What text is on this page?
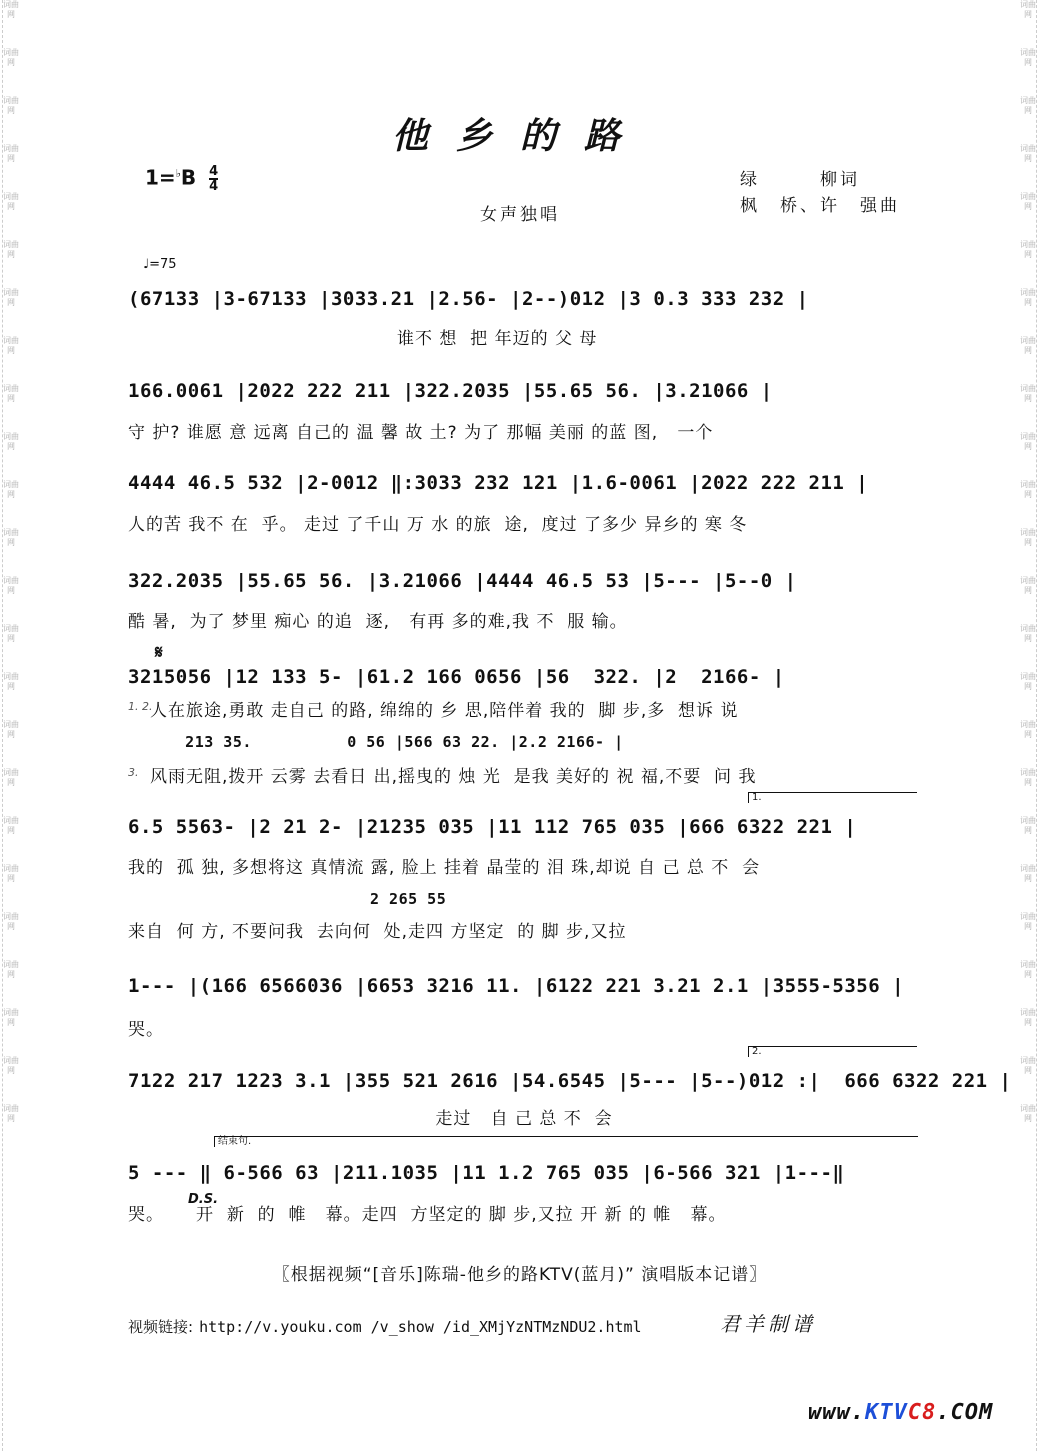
词曲网
词曲网
词曲网
词曲网
词曲网
词曲网
词曲网
词曲网
词曲网
词曲网
词曲网
词曲网
词曲网
词曲网
词曲网
词曲网
词曲网
词曲网
词曲网
词曲网
词曲网
词曲网
词曲网
词曲网
词曲网
词曲网
词曲网
词曲网
词曲网
词曲网
词曲网
词曲网
词曲网
词曲网
词曲网
词曲网
词曲网
词曲网
词曲网
词曲网
词曲网
词曲网
词曲网
词曲网
词曲网
词曲网
词曲网
词曲网
他乡的路
$1=^♭B \frac{4}{4}$
女声独唱
绿　　　柳词
枫　桥、许　强曲
♩=75
(67133 |3-67133 |3033.21 |2.56- |2--)012 |3 0.3 333 232 |
谁不 想  把 年迈的 父 母
166.0061 |2022 222 211 |322.2035 |55.65 56. |3.21066 |
守 护? 谁愿 意 远离 自己的 温 馨 故 土? 为了 那幅 美丽 的蓝 图,   一个
4444 46.5 532 |2-0012 ‖:3033 232 121 |1.6-0061 |2022 222 211 |
人的苦 我不 在  乎。 走过 了千山 万 水 的旅  途,  度过 了多少 异乡的 寒 冬
322.2035 |55.65 56. |3.21066 |4444 46.5 53 |5--- |5--0 |
酷 暑,  为了 梦里 痴心 的追  逐,   有再 多的难,我 不  服 输。
𝄋
3215056 |12 133 5- |61.2 166 0656 |56  322. |2  2166- |
1. 2.
人在旅途,勇敢 走自己 的路, 绵绵的 乡 思,陪伴着 我的  脚 步,多  想诉 说
213 35.          0 56 |566 63 22. |2.2 2166- |
3. 风雨无阻,拨开 云雾 去看日 出,摇曳的 烛 光  是我 美好的 祝 福,不要  问 我
1.
6.5 5563- |2 21 2- |21235 035 |11 112 765 035 |666 6322 221 |
我的  孤 独, 多想将这 真情流 露, 脸上 挂着 晶莹的 泪 珠,却说 自 己 总 不  会
2 265 55
来自  何 方, 不要问我  去向何  处,走四 方坚定  的 脚 步,又拉
1--- |(166 6566036 |6653 3216 11. |6122 221 3.21 2.1 |3555-5356 |
哭。
2.
7122 217 1223 3.1 |355 521 2616 |54.6545 |5--- |5--)012 :|  666 6322 221 |
走过   自 己 总 不  会
结束句.
5 --- ‖ 6-566 63 |211.1035 |11 1.2 765 035 |6-566 321 |1---‖
D.S.
哭。     开  新  的  帷   幕。走四  方坚定的 脚 步,又拉 开 新 的 帷   幕。
〖根据视频“[音乐]陈瑞-他乡的路KTV(蓝月)” 演唱版本记谱〗
视频链接: http://v.youku.com /v_show /id_XMjYzNTMzNDU2.html	君羊制谱
www.KTVC8.COM
